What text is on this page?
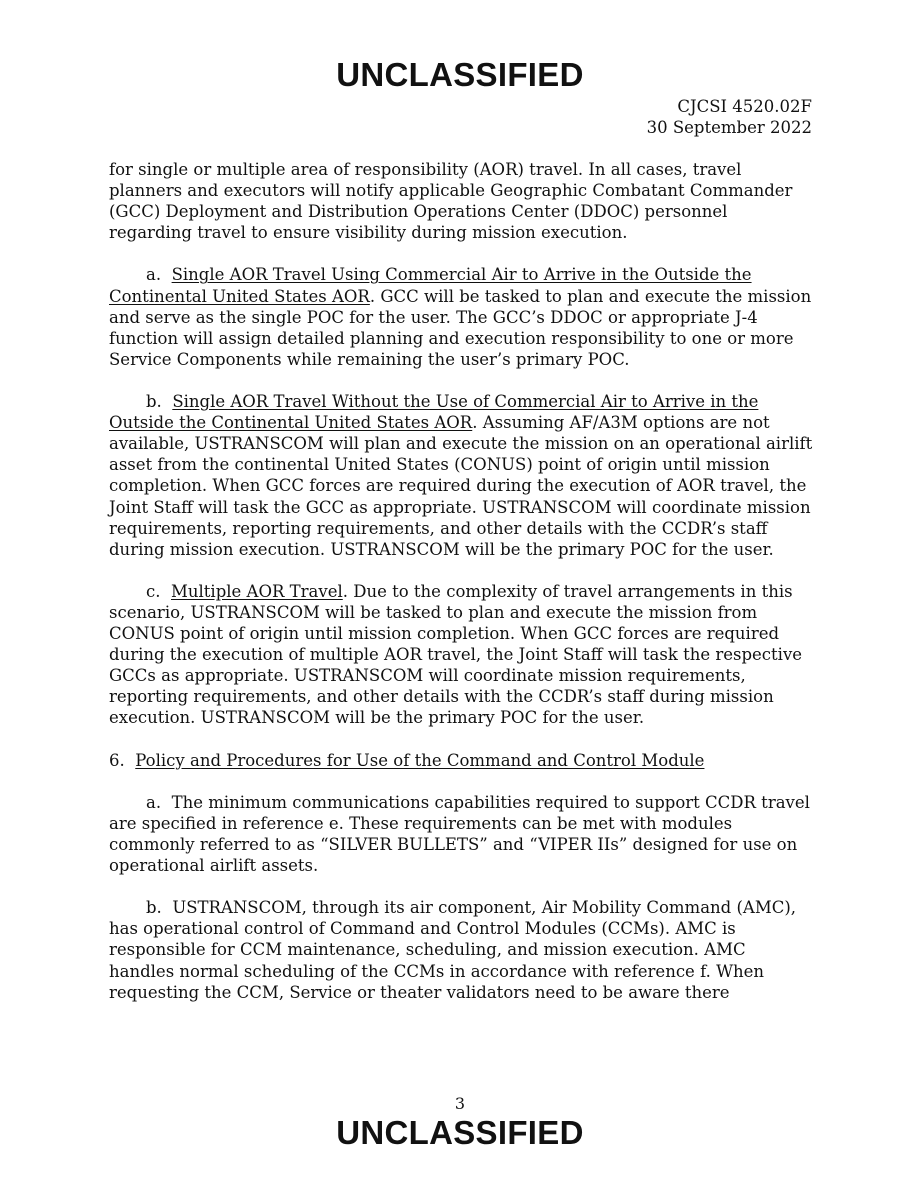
UNCLASSIFIED
CJCSI 4520.02F
30 September 2022

for single or multiple area of responsibility (AOR) travel. In all cases, travel planners and executors will notify applicable Geographic Combatant Commander (GCC) Deployment and Distribution Operations Center (DDOC) personnel regarding travel to ensure visibility during mission execution.

a. Single AOR Travel Using Commercial Air to Arrive in the Outside the Continental United States AOR. GCC will be tasked to plan and execute the mission and serve as the single POC for the user. The GCC’s DDOC or appropriate J-4 function will assign detailed planning and execution responsibility to one or more Service Components while remaining the user’s primary POC.

b. Single AOR Travel Without the Use of Commercial Air to Arrive in the Outside the Continental United States AOR. Assuming AF/A3M options are not available, USTRANSCOM will plan and execute the mission on an operational airlift asset from the continental United States (CONUS) point of origin until mission completion. When GCC forces are required during the execution of AOR travel, the Joint Staff will task the GCC as appropriate. USTRANSCOM will coordinate mission requirements, reporting requirements, and other details with the CCDR’s staff during mission execution. USTRANSCOM will be the primary POC for the user.

c. Multiple AOR Travel. Due to the complexity of travel arrangements in this scenario, USTRANSCOM will be tasked to plan and execute the mission from CONUS point of origin until mission completion. When GCC forces are required during the execution of multiple AOR travel, the Joint Staff will task the respective GCCs as appropriate. USTRANSCOM will coordinate mission requirements, reporting requirements, and other details with the CCDR’s staff during mission execution. USTRANSCOM will be the primary POC for the user.

6. Policy and Procedures for Use of the Command and Control Module

a. The minimum communications capabilities required to support CCDR travel are specified in reference e. These requirements can be met with modules commonly referred to as “SILVER BULLETS” and “VIPER IIs” designed for use on operational airlift assets.

b. USTRANSCOM, through its air component, Air Mobility Command (AMC), has operational control of Command and Control Modules (CCMs). AMC is responsible for CCM maintenance, scheduling, and mission execution. AMC handles normal scheduling of the CCMs in accordance with reference f. When requesting the CCM, Service or theater validators need to be aware there

3
UNCLASSIFIED
